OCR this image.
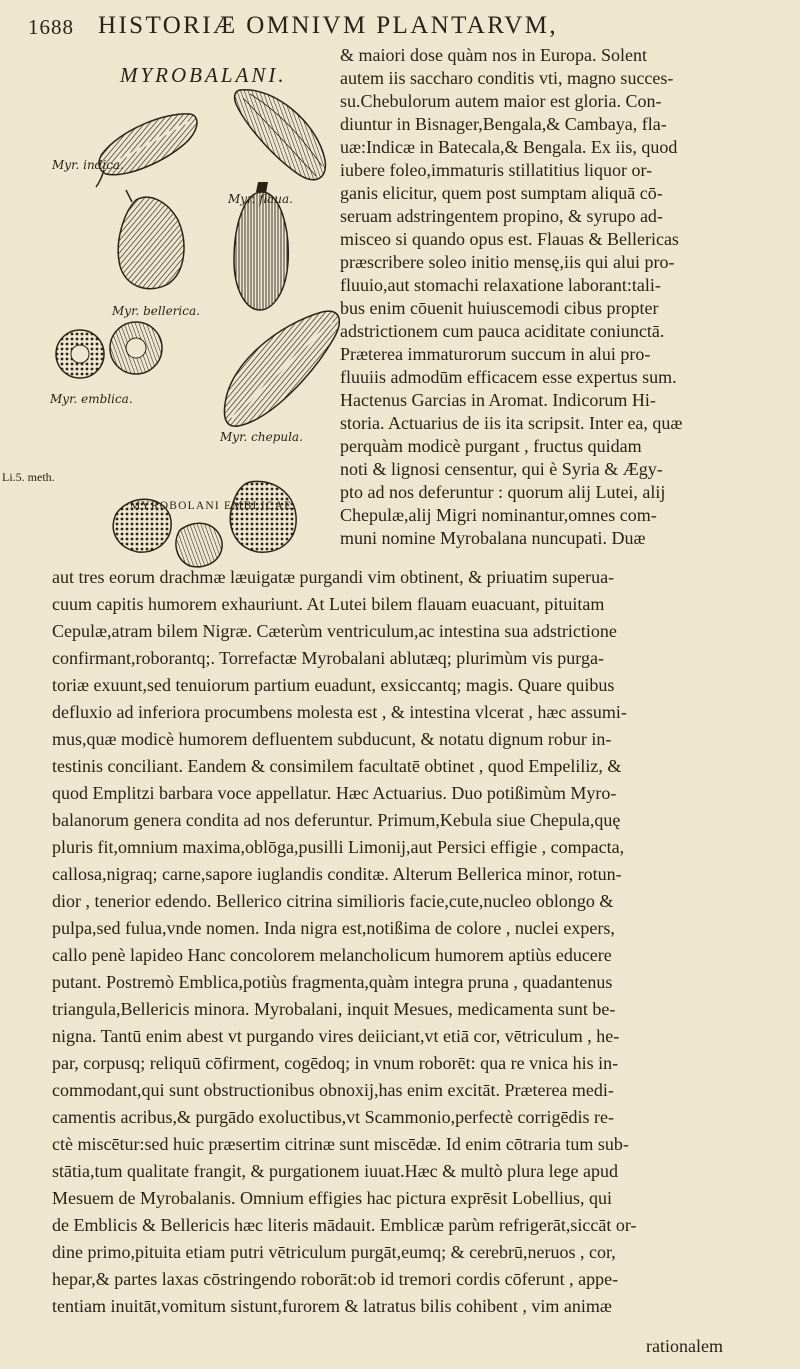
1688 HISTORIÆ OMNIVM PLANTARVM,
MYROBALANI.
Myr. indica.
Myr. flaua.
Myr. bellerica.
Myr. emblica.
Myr. chepula.
MYROBOLANI EMBLICAE.
Li.5. meth.
& maiori dose quàm nos in Europa. Solent
autem iis saccharo conditis vti, magno succes-
su.Chebulorum autem maior est gloria. Con-
diuntur in Bisnager,Bengala,& Cambaya, fla-
uæ:Indicæ in Batecala,& Bengala. Ex iis, quod
iubere foleo,immaturis stillatitius liquor or-
ganis elicitur, quem post sumptam aliquā cō-
seruam adstringentem propino, & syrupo ad-
misceo si quando opus est. Flauas & Bellericas
præscribere soleo initio mensę,iis qui alui pro-
fluuio,aut stomachi relaxatione laborant:tali-
bus enim cōuenit huiuscemodi cibus propter
adstrictionem cum pauca aciditate coniunctā.
Præterea immaturorum succum in alui pro-
fluuiis admodūm efficacem esse expertus sum.
Hactenus Garcias in Aromat. Indicorum Hi-
storia. Actuarius de iis ita scripsit. Inter ea, quæ
perquàm modicè purgant , fructus quidam
noti & lignosi censentur, qui è Syria & Ægy-
pto ad nos deferuntur : quorum alij Lutei, alij
Chepulæ,alij Migri nominantur,omnes com-
muni nomine Myrobalana nuncupati. Duæ
aut tres eorum drachmæ læuigatæ purgandi vim obtinent, & priuatim superua-
cuum capitis humorem exhauriunt. At Lutei bilem flauam euacuant, pituitam
Cepulæ,atram bilem Nigræ. Cæterùm ventriculum,ac intestina sua adstrictione
confirmant,roborantq;. Torrefactæ Myrobalani ablutæq; plurimùm vis purga-
toriæ exuunt,sed tenuiorum partium euadunt, exsiccantq; magis. Quare quibus
defluxio ad inferiora procumbens molesta est , & intestina vlcerat , hæc assumi-
mus,quæ modicè humorem defluentem subducunt, & notatu dignum robur in-
testinis conciliant. Eandem & consimilem facultatē obtinet , quod Empeliliz, &
quod Emplitzi barbara voce appellatur. Hæc Actuarius. Duo potißimùm Myro-
balanorum genera condita ad nos deferuntur. Primum,Kebula siue Chepula,quę
pluris fit,omnium maxima,oblōga,pusilli Limonij,aut Persici effigie , compacta,
callosa,nigraq; carne,sapore iuglandis conditæ. Alterum Bellerica minor, rotun-
dior , tenerior edendo. Bellerico citrina similioris facie,cute,nucleo oblongo &
pulpa,sed fulua,vnde nomen. Inda nigra est,notißima de colore , nuclei expers,
callo penè lapideo Hanc concolorem melancholicum humorem aptiùs educere
putant. Postremò Emblica,potiùs fragmenta,quàm integra pruna , quadantenus
triangula,Bellericis minora. Myrobalani, inquit Mesues, medicamenta sunt be-
nigna. Tantū enim abest vt purgando vires deiiciant,vt etiā cor, vētriculum , he-
par, corpusq; reliquū cōfirment, cogēdoq; in vnum roborēt: qua re vnica his in-
commodant,qui sunt obstructionibus obnoxij,has enim excitāt. Præterea medi-
camentis acribus,& purgādo exoluctibus,vt Scammonio,perfectè corrigēdis re-
ctè miscētur:sed huic præsertim citrinæ sunt miscēdæ. Id enim cōtraria tum sub-
stātia,tum qualitate frangit, & purgationem iuuat.Hæc & multò plura lege apud
Mesuem de Myrobalanis. Omnium effigies hac pictura exprēsit Lobellius, qui
de Emblicis & Bellericis hæc literis mādauit. Emblicæ parùm refrigerāt,siccāt or-
dine primo,pituita etiam putri vētriculum purgāt,eumq; & cerebrū,neruos , cor,
hepar,& partes laxas cōstringendo roborāt:ob id tremori cordis cōferunt , appe-
tentiam inuitāt,vomitum sistunt,furorem & latratus bilis cohibent , vim animæ
rationalem
